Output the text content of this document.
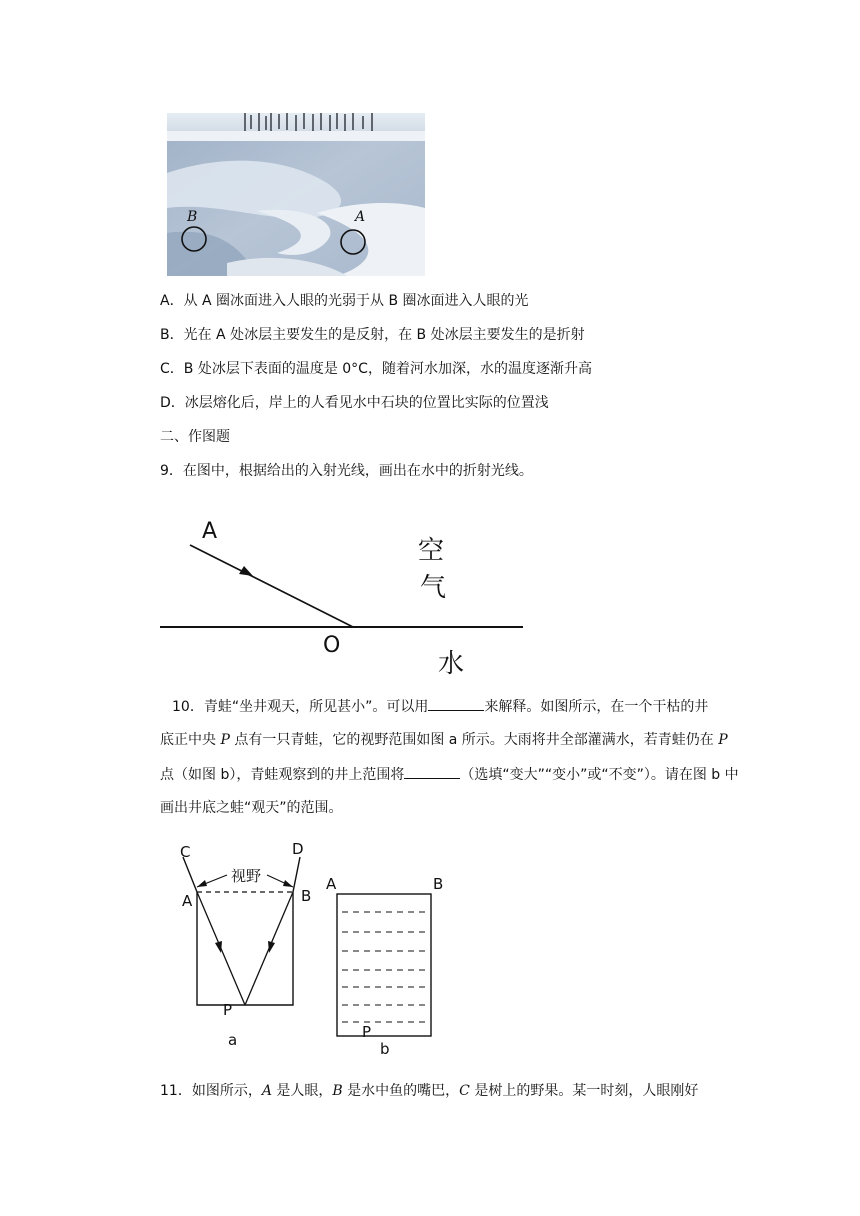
B	A
A．从 A 圈冰面进入人眼的光弱于从 B 圈冰面进入人眼的光
B．光在 A 处冰层主要发生的是反射，在 B 处冰层主要发生的是折射
C．B 处冰层下表面的温度是 0°C，随着河水加深，水的温度逐渐升高
D．冰层熔化后，岸上的人看见水中石块的位置比实际的位置浅
二、作图题
9．在图中，根据给出的入射光线，画出在水中的折射光线。
A
O
空
气
水
10．青蛙“坐井观天，所见甚小”。可以用	来解释。如图所示，在一个干枯的井
底正中央 P 点有一只青蛙，它的视野范围如图 a 所示。大雨将井全部灌满水，若青蛙仍在 P
点（如图 b），青蛙观察到的井上范围将	（选填“变大”“变小”或“不变”）。请在图 b 中
画出井底之蛙“观天”的范围。
视野
C	D
A	B
P
a
A	B
P
b
11．如图所示，A 是人眼，B 是水中鱼的嘴巴，C 是树上的野果。某一时刻，人眼刚好
